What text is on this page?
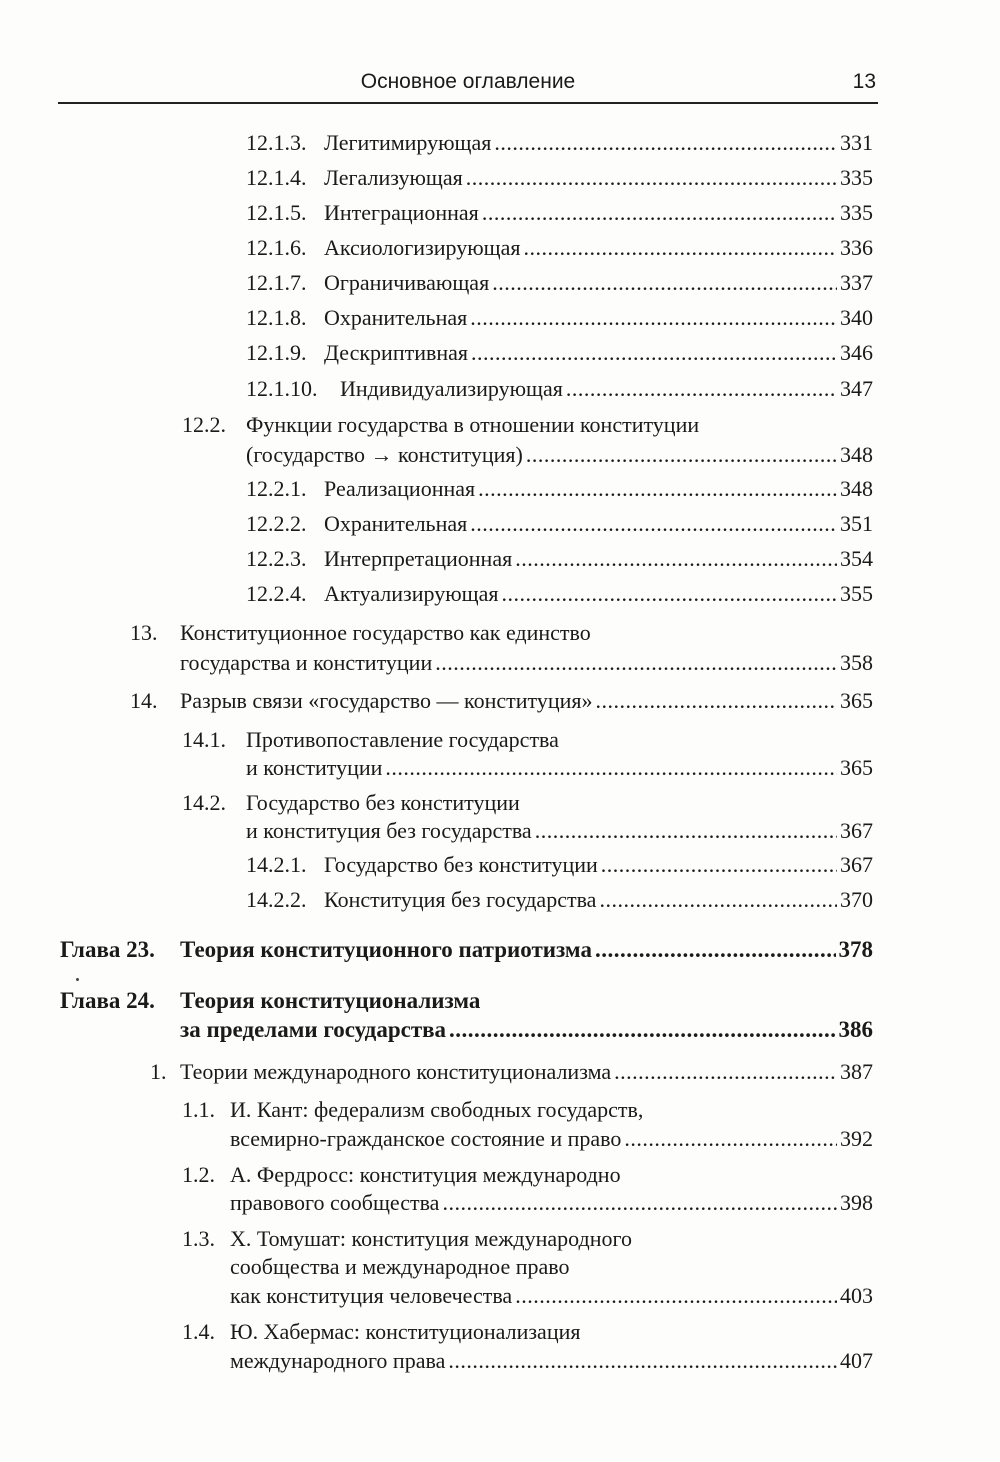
Основное оглавление	13
12.1.3. Легитимирующая .....	331
12.1.4. Легализующая .....	335
12.1.5. Интеграционная .....	335
12.1.6. Аксиологизирующая .....	336
12.1.7. Ограничивающая .....	337
12.1.8. Охранительная .....	340
12.1.9. Дескриптивная .....	346
12.1.10.	Индивидуализирующая .....	347
12.2. Функции государства в отношении конституции
(государство → конституция) .....	348
12.2.1. Реализационная .....	348
12.2.2. Охранительная .....	351
12.2.3. Интерпретационная .....	354
12.2.4. Актуализирующая .....	355
13.	Конституционное государство как единство
государства и конституции .....	358
14.	Разрыв связи «государство — конституция» .....	365
14.1. Противопоставление государства
и конституции .....	365
14.2. Государство без конституции
и конституция без государства .....	367
14.2.1. Государство без конституции .....	367
14.2.2. Конституция без государства .....	370
Глава 23.	Теория конституционного патриотизма .....	378
Глава 24.	Теория конституционализма
за пределами государства .....	386
1. Теории международного конституционализма .....	387
1.1. И. Кант: федерализм свободных государств,
всемирно-гражданское состояние и право .....	392
1.2. А. Фердросс: конституция международно
правового сообщества .....	398
1.3. Х. Томушат: конституция международного
сообщества и международное право
как конституция человечества .....	403
1.4. Ю. Хабермас: конституционализация
международного права .....	407
